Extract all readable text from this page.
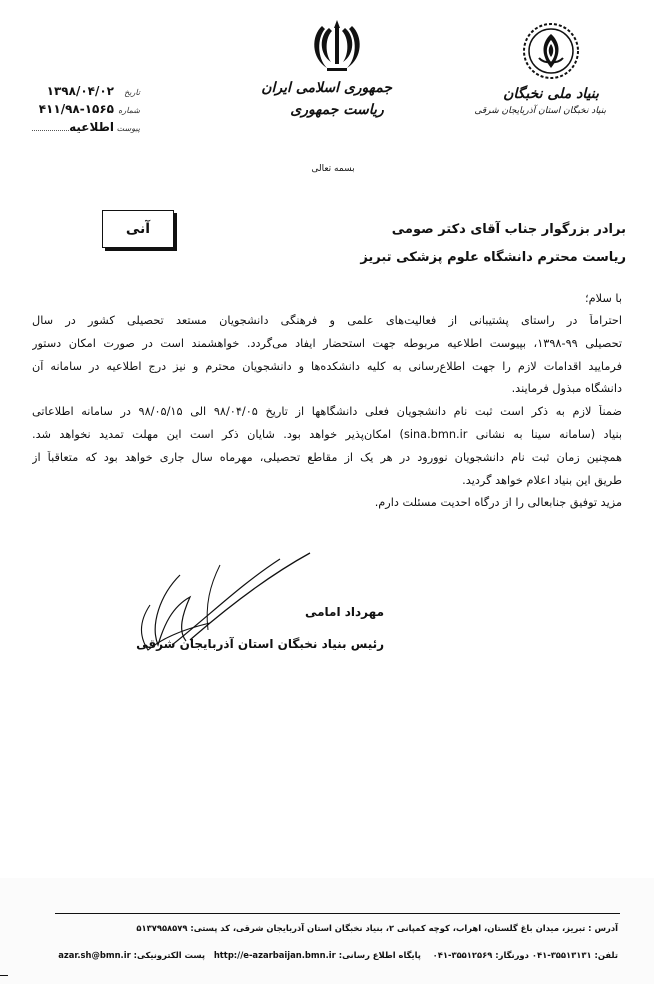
بنیاد ملی نخبگان
بنیاد نخبگان استان آذربایجان شرقی
جمهوری اسلامی ایران
ریاست جمهوری
بسمه تعالی
تاریخ
۱۳۹۸/۰۴/۰۲
شماره
۴۱۱/۹۸-۱۵۶۵
پیوست
اطلاعیه
آنی	برادر بزرگوار جناب آقای دکتر صومی
ریاست محترم دانشگاه علوم پزشکی تبریز
با سلام؛
احتراماً در راستای پشتیبانی از فعالیت‌های علمی و فرهنگی دانشجویان مستعد تحصیلی کشور در سال
تحصیلی ۹۹-۱۳۹۸، بپیوست اطلاعیه مربوطه جهت استحضار ایفاد می‌گردد. خواهشمند است در صورت امکان دستور
فرمایید اقدامات لازم را جهت اطلاع‌رسانی به کلیه دانشکده‌ها و دانشجویان محترم و نیز درج اطلاعیه در سامانه آن
دانشگاه مبذول فرمایند.
ضمناً لازم به ذکر است ثبت نام دانشجویان فعلی دانشگاهها از تاریخ ۹۸/۰۴/۰۵ الی ۹۸/۰۵/۱۵ در سامانه اطلاعاتی
بنیاد (سامانه سینا به نشانی sina.bmn.ir) امکان‌پذیر خواهد بود. شایان ذکر است این مهلت تمدید نخواهد شد.
همچنین زمان ثبت نام دانشجویان نوورود در هر یک از مقاطع تحصیلی، مهرماه سال جاری خواهد بود که متعاقباً از
طریق این بنیاد اعلام خواهد گردید.
مزید توفیق جنابعالی را از درگاه احدیت مسئلت دارم.
مهرداد امامی
رئیس بنیاد نخبگان استان آذربایجان شرقی
آدرس : تبریز، میدان باغ گلستان، اهراب، کوچه کمپانی ۲، بنیاد نخبگان استان آذربایجان شرقی، کد پستی: ۵۱۳۷۹۵۸۵۷۹
تلفن: ۳۵۵۱۳۱۳۱-۰۴۱ دورنگار: ۳۵۵۱۲۵۶۹-۰۴۱    پایگاه اطلاع رسانی: http://e-azarbaijan.bmn.ir   پست الکترونیکی: azar.sh@bmn.ir
